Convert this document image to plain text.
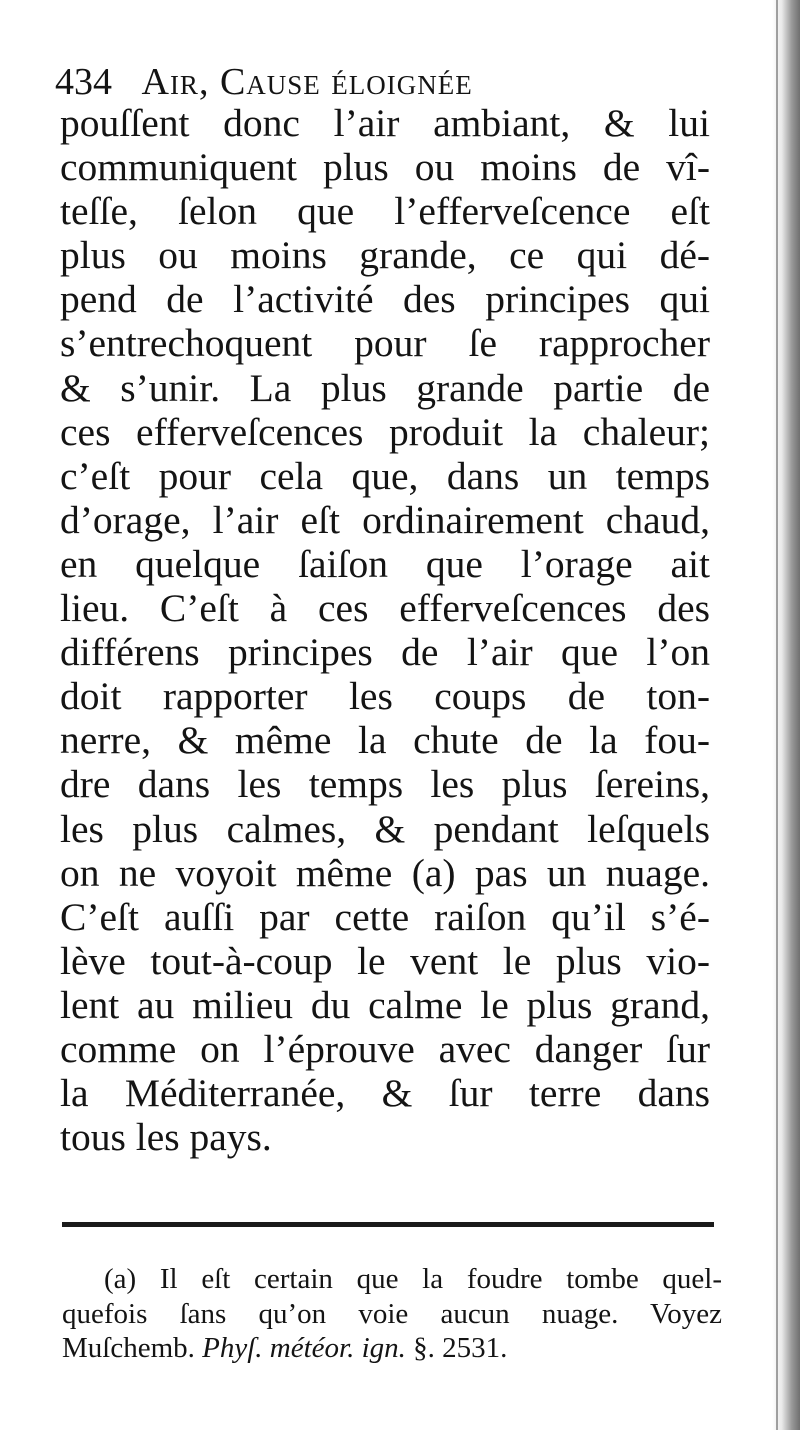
434 Air, Cause éloignée
pouſſent donc l’air ambiant, & lui
communiquent plus ou moins de vî-
teſſe, ſelon que l’efferveſcence eſt
plus ou moins grande, ce qui dé-
pend de l’activité des principes qui
s’entrechoquent pour ſe rapprocher
& s’unir. La plus grande partie de
ces efferveſcences produit la chaleur;
c’eſt pour cela que, dans un temps
d’orage, l’air eſt ordinairement chaud,
en quelque ſaiſon que l’orage ait
lieu. C’eſt à ces efferveſcences des
différens principes de l’air que l’on
doit rapporter les coups de ton-
nerre, & même la chute de la fou-
dre dans les temps les plus ſereins,
les plus calmes, & pendant leſquels
on ne voyoit même (a) pas un nuage.
C’eſt auſſi par cette raiſon qu’il s’é-
lève tout-à-coup le vent le plus vio-
lent au milieu du calme le plus grand,
comme on l’éprouve avec danger ſur
la Méditerranée, & ſur terre dans
tous les pays.
(a) Il eſt certain que la foudre tombe quel-
quefois ſans qu’on voie aucun nuage. Voyez
Muſchemb. Phyſ. météor. ign. §. 2531.
